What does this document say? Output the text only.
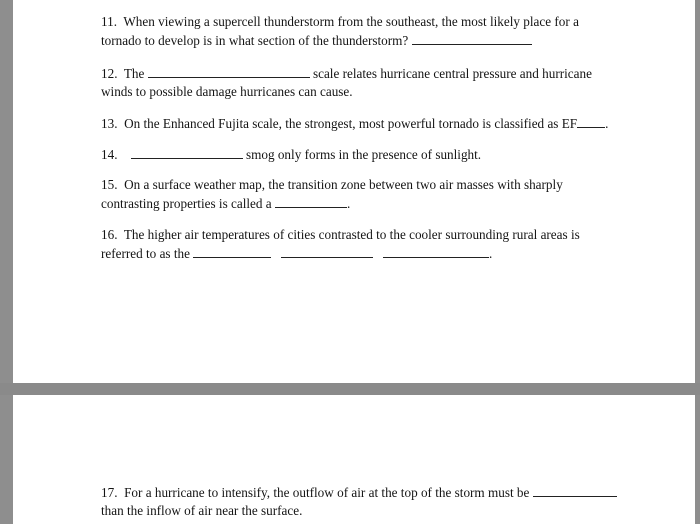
11. When viewing a supercell thunderstorm from the southeast, the most likely place for a
tornado to develop is in what section of the thunderstorm?
12. The	scale relates hurricane central pressure and hurricane
winds to possible damage hurricanes can cause.
13. On the Enhanced Fujita scale, the strongest, most powerful tornado is classified as EF .
14.	smog only forms in the presence of sunlight.
15. On a surface weather map, the transition zone between two air masses with sharply
contrasting properties is called a	.
16. The higher air temperatures of cities contrasted to the cooler surrounding rural areas is
referred to as the	.
17. For a hurricane to intensify, the outflow of air at the top of the storm must be
than the inflow of air near the surface.
